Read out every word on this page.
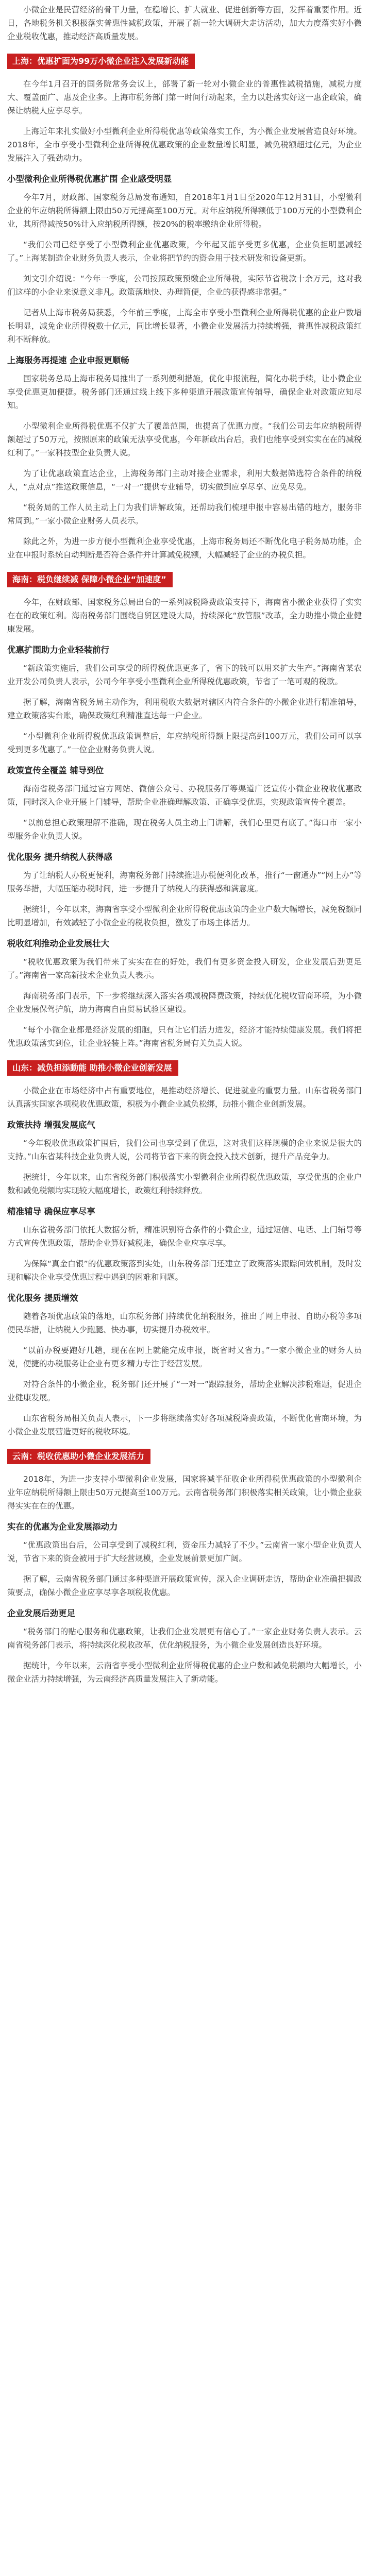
小微企业是民营经济的骨干力量，在稳增长、扩大就业、促进创新等方面，发挥着重要作用。近日，各地税务机关积极落实普惠性减税政策，开展了新一轮大调研大走访活动，加大力度落实好小微企业税收优惠，推动经济高质量发展。

上海：优惠扩面为99万小微企业注入发展新动能

在今年1月召开的国务院常务会议上，部署了新一轮对小微企业的普惠性减税措施，减税力度大、覆盖面广、惠及企业多。上海市税务部门第一时间行动起来，全力以赴落实好这一惠企政策，确保让纳税人应享尽享。

上海近年来扎实做好小型微利企业所得税优惠等政策落实工作，为小微企业发展营造良好环境。2018年，全市享受小型微利企业所得税优惠政策的企业数量增长明显，减免税额超过亿元，为企业发展注入了强劲动力。

小型微利企业所得税优惠扩围 企业感受明显

今年7月，财政部、国家税务总局发布通知，自2018年1月1日至2020年12月31日，小型微利企业的年应纳税所得额上限由50万元提高至100万元。对年应纳税所得额低于100万元的小型微利企业，其所得减按50%计入应纳税所得额，按20%的税率缴纳企业所得税。

“我们公司已经享受了小型微利企业优惠政策，今年起又能享受更多优惠，企业负担明显减轻了。”上海某制造企业财务负责人表示，企业将把节约的资金用于技术研发和设备更新。

刘文引介绍说：“今年一季度，公司按照政策预缴企业所得税，实际节省税款十余万元，这对我们这样的小企业来说意义非凡。政策落地快、办理简便，企业的获得感非常强。”

记者从上海市税务局获悉，今年前三季度，上海全市享受小型微利企业所得税优惠的企业户数增长明显，减免企业所得税数十亿元，同比增长显著，小微企业发展活力持续增强，普惠性减税政策红利不断释放。

上海服务再提速 企业申报更顺畅

国家税务总局上海市税务局推出了一系列便利措施，优化申报流程，简化办税手续，让小微企业享受优惠更加便捷。税务部门还通过线上线下多种渠道开展政策宣传辅导，确保企业对政策应知尽知。

小型微利企业所得税优惠不仅扩大了覆盖范围，也提高了优惠力度。“我们公司去年应纳税所得额超过了50万元，按照原来的政策无法享受优惠，今年新政出台后，我们也能享受到实实在在的减税红利了。”一家科技型企业负责人说。

为了让优惠政策直达企业，上海税务部门主动对接企业需求，利用大数据筛选符合条件的纳税人，“点对点”推送政策信息，“一对一”提供专业辅导，切实做到应享尽享、应免尽免。

“税务局的工作人员主动上门为我们讲解政策，还帮助我们梳理申报中容易出错的地方，服务非常周到。”一家小微企业财务人员表示。

除此之外，为进一步方便小型微利企业享受优惠，上海市税务局还不断优化电子税务局功能，企业在申报时系统自动判断是否符合条件并计算减免税额，大幅减轻了企业的办税负担。

海南：税负继续减 保障小微企业“加速度”

今年，在财政部、国家税务总局出台的一系列减税降费政策支持下，海南省小微企业获得了实实在在的政策红利。海南税务部门围绕自贸区建设大局，持续深化“放管服”改革，全力助推小微企业健康发展。

优惠扩围助力企业轻装前行

“新政策实施后，我们公司享受的所得税优惠更多了，省下的钱可以用来扩大生产。”海南省某农业开发公司负责人表示，公司今年享受小型微利企业所得税优惠政策，节省了一笔可观的税款。

据了解，海南省税务局主动作为，利用税收大数据对辖区内符合条件的小微企业进行精准辅导，建立政策落实台账，确保政策红利精准直达每一户企业。

“小型微利企业所得税优惠政策调整后，年应纳税所得额上限提高到100万元，我们公司可以享受到更多优惠了。”一位企业财务负责人说。

政策宣传全覆盖 辅导到位

海南省税务部门通过官方网站、微信公众号、办税服务厅等渠道广泛宣传小微企业税收优惠政策，同时深入企业开展上门辅导，帮助企业准确理解政策、正确享受优惠，实现政策宣传全覆盖。

“以前总担心政策理解不准确，现在税务人员主动上门讲解，我们心里更有底了。”海口市一家小型服务企业负责人说。

优化服务 提升纳税人获得感

为了让纳税人办税更便利，海南税务部门持续推进办税便利化改革，推行“一窗通办”“网上办”等服务举措，大幅压缩办税时间，进一步提升了纳税人的获得感和满意度。

据统计，今年以来，海南省享受小型微利企业所得税优惠政策的企业户数大幅增长，减免税额同比明显增加，有效减轻了小微企业的税收负担，激发了市场主体活力。

税收红利推动企业发展壮大

“税收优惠政策为我们带来了实实在在的好处，我们有更多资金投入研发，企业发展后劲更足了。”海南省一家高新技术企业负责人表示。

海南税务部门表示，下一步将继续深入落实各项减税降费政策，持续优化税收营商环境，为小微企业发展保驾护航，助力海南自由贸易试验区建设。

“每个小微企业都是经济发展的细胞，只有让它们活力迸发，经济才能持续健康发展。我们将把优惠政策落实到位，让企业轻装上阵。”海南省税务局有关负责人说。

山东：减负担添動能 助推小微企业创新发展

小微企业在市场经济中占有重要地位，是推动经济增长、促进就业的重要力量。山东省税务部门认真落实国家各项税收优惠政策，积极为小微企业减负松绑，助推小微企业创新发展。

政策扶持 增强发展底气

“今年税收优惠政策扩围后，我们公司也享受到了优惠，这对我们这样规模的企业来说是很大的支持。”山东省某科技企业负责人说，公司将节省下来的资金投入技术创新，提升产品竞争力。

据统计，今年以来，山东省税务部门积极落实小型微利企业所得税优惠政策，享受优惠的企业户数和减免税额均实现较大幅度增长，政策红利持续释放。

精准辅导 确保应享尽享

山东省税务部门依托大数据分析，精准识别符合条件的小微企业，通过短信、电话、上门辅导等方式宣传优惠政策，帮助企业算好减税账，确保企业应享尽享。

为保障“真金白银”的优惠政策落到实处，山东税务部门还建立了政策落实跟踪问效机制，及时发现和解决企业享受优惠过程中遇到的困难和问题。

优化服务 提质增效

随着各项优惠政策的落地，山东税务部门持续优化纳税服务，推出了网上申报、自助办税等多项便民举措，让纳税人少跑腿、快办事，切实提升办税效率。

“以前办税要跑好几趟，现在在网上就能完成申报，既省时又省力。”一家小微企业的财务人员说，便捷的办税服务让企业有更多精力专注于经营发展。

对符合条件的小微企业，税务部门还开展了“一对一”跟踪服务，帮助企业解决涉税难题，促进企业健康发展。

山东省税务局相关负责人表示，下一步将继续落实好各项减税降费政策，不断优化营商环境，为小微企业发展营造更好的税收环境。

云南：税收优惠助小微企业发展活力

2018年，为进一步支持小型微利企业发展，国家将减半征收企业所得税优惠政策的小型微利企业年应纳税所得额上限由50万元提高至100万元。云南省税务部门积极落实相关政策，让小微企业获得实实在在的优惠。

实在的优惠为企业发展添动力

“优惠政策出台后，公司享受到了减税红利，资金压力减轻了不少。”云南省一家小型企业负责人说，节省下来的资金被用于扩大经营规模，企业发展前景更加广阔。

据了解，云南省税务部门通过多种渠道开展政策宣传，深入企业调研走访，帮助企业准确把握政策要点，确保小微企业应享尽享各项税收优惠。

企业发展后劲更足

“税务部门的贴心服务和优惠政策，让我们企业发展更有信心了。”一家企业财务负责人表示。云南省税务部门表示，将持续深化税收改革，优化纳税服务，为小微企业发展创造良好环境。

据统计，今年以来，云南省享受小型微利企业所得税优惠的企业户数和减免税额均大幅增长，小微企业活力持续增强，为云南经济高质量发展注入了新动能。
